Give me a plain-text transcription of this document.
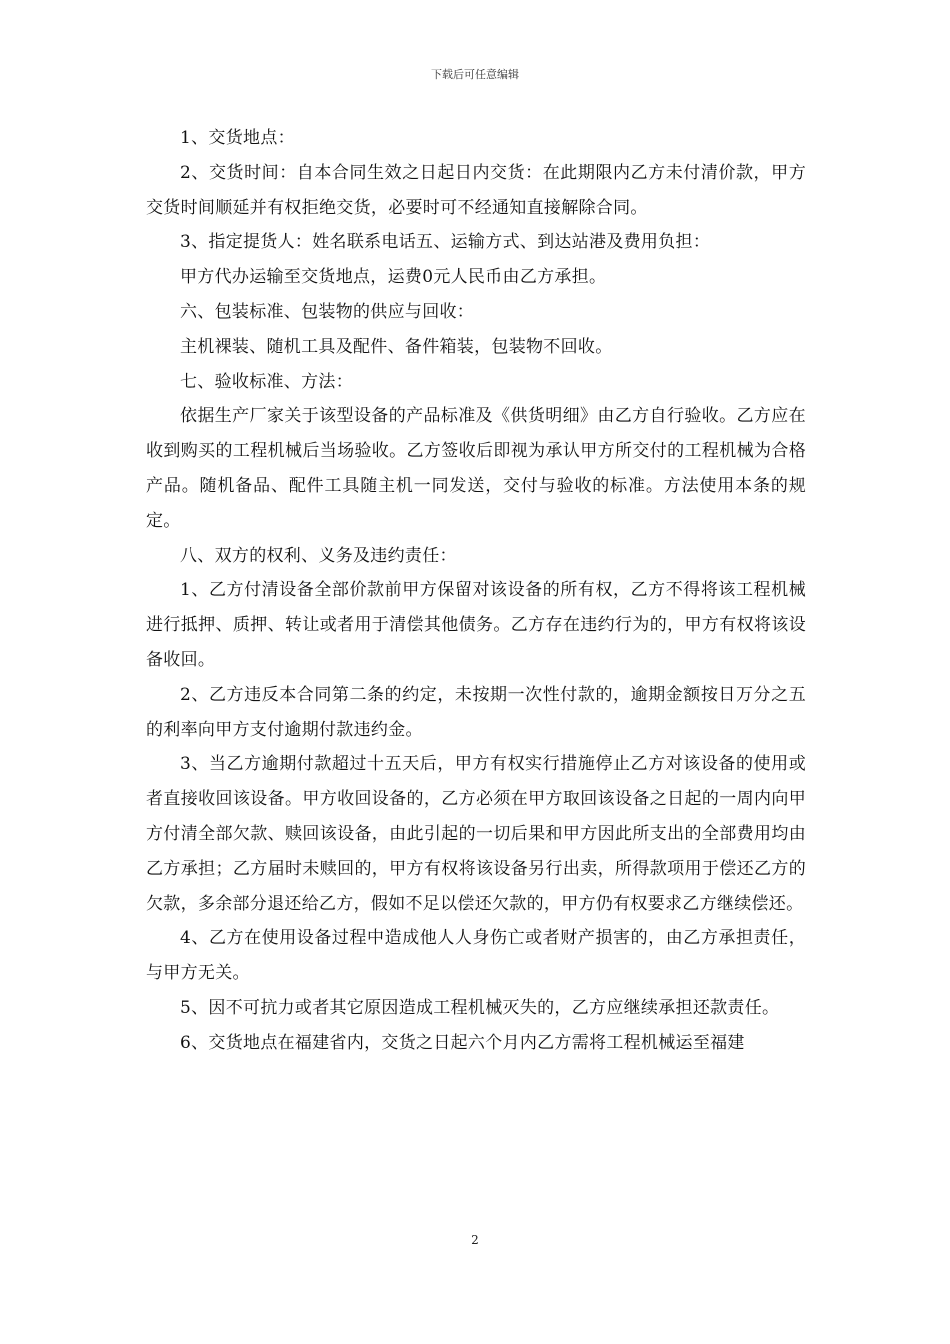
下载后可任意编辑

1、交货地点：

2、交货时间：自本合同生效之日起日内交货：在此期限内乙方未付清价款，甲方交货时间顺延并有权拒绝交货，必要时可不经通知直接解除合同。

3、指定提货人：姓名联系电话五、运输方式、到达站港及费用负担：

甲方代办运输至交货地点，运费0元人民币由乙方承担。

六、包装标准、包装物的供应与回收：

主机裸装、随机工具及配件、备件箱装，包装物不回收。

七、验收标准、方法：

依据生产厂家关于该型设备的产品标准及《供货明细》由乙方自行验收。乙方应在收到购买的工程机械后当场验收。乙方签收后即视为承认甲方所交付的工程机械为合格产品。随机备品、配件工具随主机一同发送，交付与验收的标准。方法使用本条的规定。

八、双方的权利、义务及违约责任：

1、乙方付清设备全部价款前甲方保留对该设备的所有权，乙方不得将该工程机械进行抵押、质押、转让或者用于清偿其他债务。乙方存在违约行为的，甲方有权将该设备收回。

2、乙方违反本合同第二条的约定，未按期一次性付款的，逾期金额按日万分之五的利率向甲方支付逾期付款违约金。

3、当乙方逾期付款超过十五天后，甲方有权实行措施停止乙方对该设备的使用或者直接收回该设备。甲方收回设备的，乙方必须在甲方取回该设备之日起的一周内向甲方付清全部欠款、赎回该设备，由此引起的一切后果和甲方因此所支出的全部费用均由乙方承担；乙方届时未赎回的，甲方有权将该设备另行出卖，所得款项用于偿还乙方的欠款，多余部分退还给乙方，假如不足以偿还欠款的，甲方仍有权要求乙方继续偿还。

4、乙方在使用设备过程中造成他人人身伤亡或者财产损害的，由乙方承担责任，与甲方无关。

5、因不可抗力或者其它原因造成工程机械灭失的，乙方应继续承担还款责任。

6、交货地点在福建省内，交货之日起六个月内乙方需将工程机械运至福建

2
